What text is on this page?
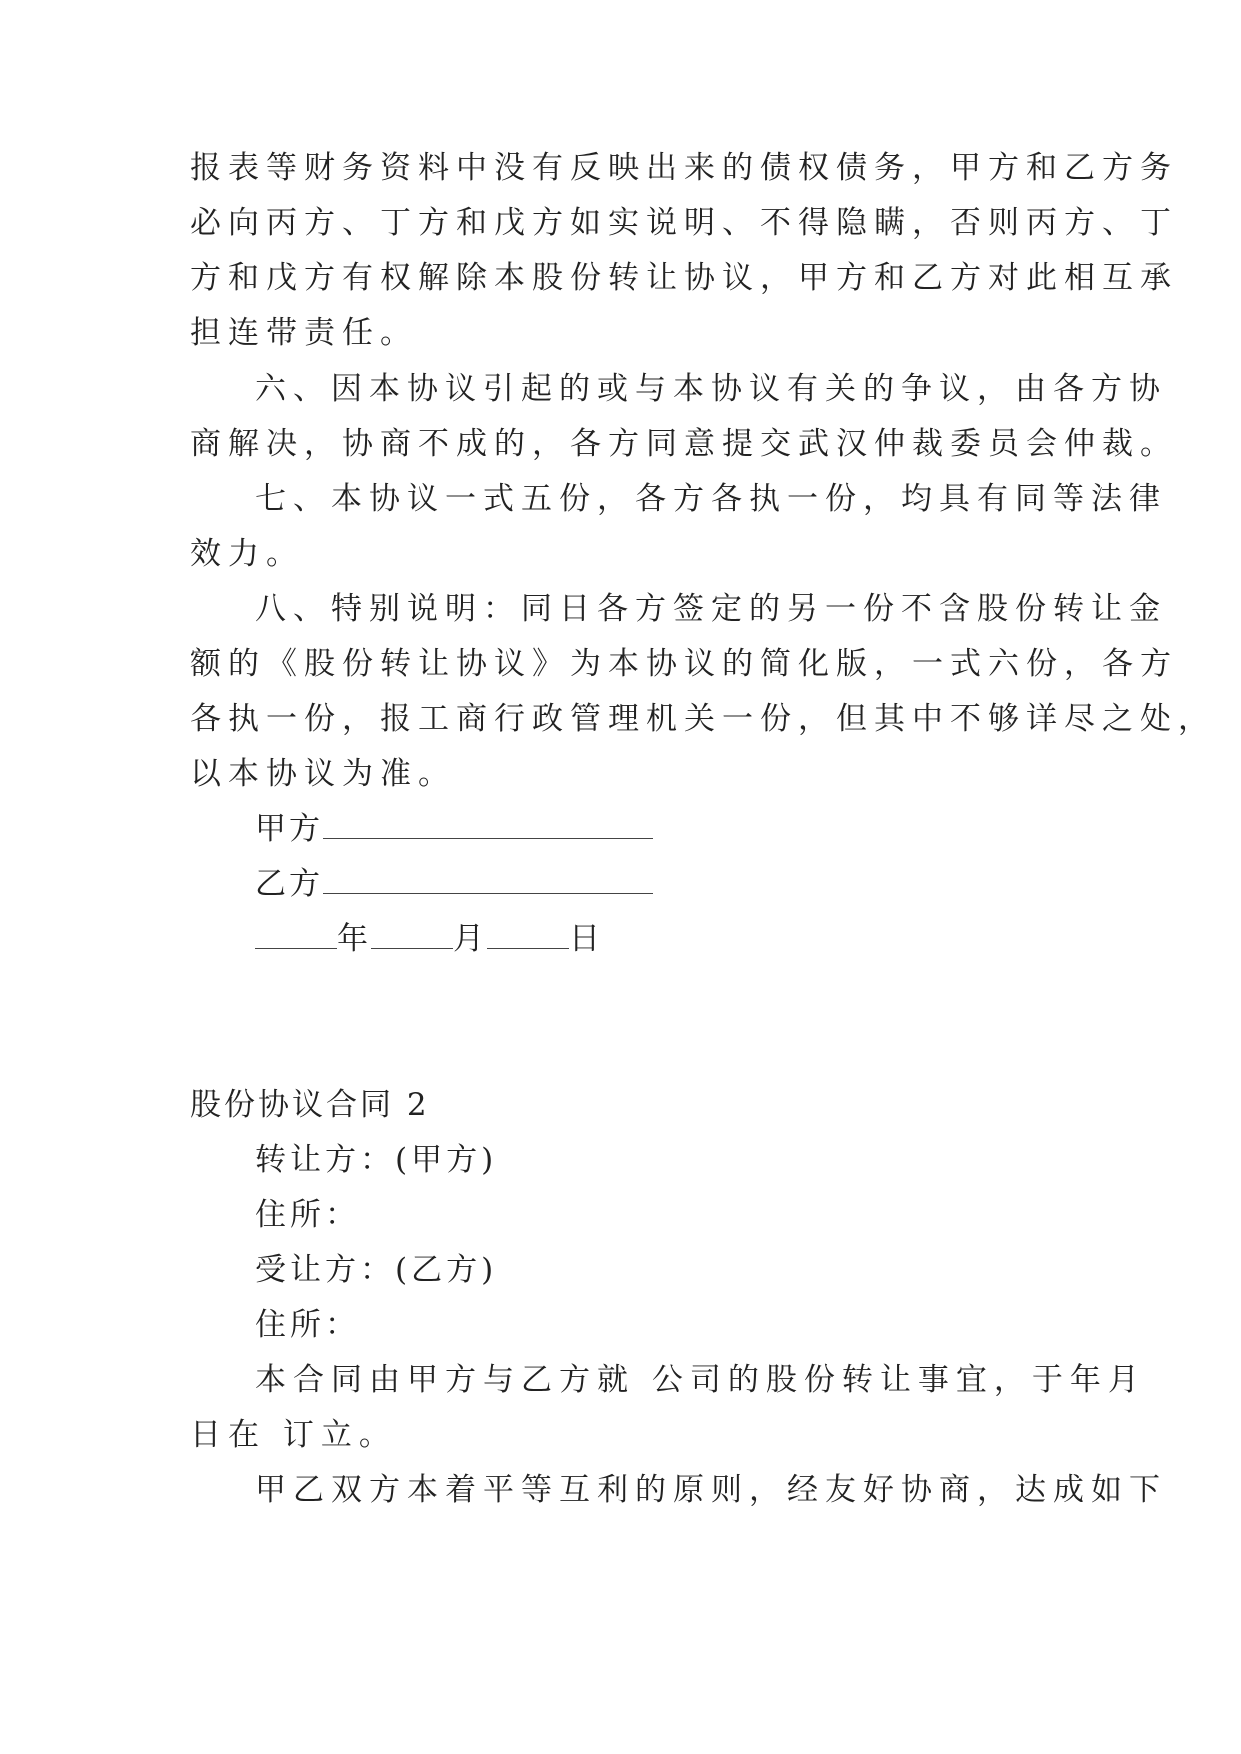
报表等财务资料中没有反映出来的债权债务，甲方和乙方务
必向丙方、丁方和戊方如实说明、不得隐瞒，否则丙方、丁
方和戊方有权解除本股份转让协议，甲方和乙方对此相互承
担连带责任。
六、因本协议引起的或与本协议有关的争议，由各方协
商解决，协商不成的，各方同意提交武汉仲裁委员会仲裁。
七、本协议一式五份，各方各执一份，均具有同等法律
效力。
八、特别说明：同日各方签定的另一份不含股份转让金
额的《股份转让协议》为本协议的简化版，一式六份，各方
各执一份，报工商行政管理机关一份，但其中不够详尽之处，
以本协议为准。
甲方
乙方
年	月	日
股份协议合同 2
转让方：(甲方)
住所：
受让方：(乙方)
住所：
本合同由甲方与乙方就 公司的股份转让事宜，于年月
日在 订立。
甲乙双方本着平等互利的原则，经友好协商，达成如下
